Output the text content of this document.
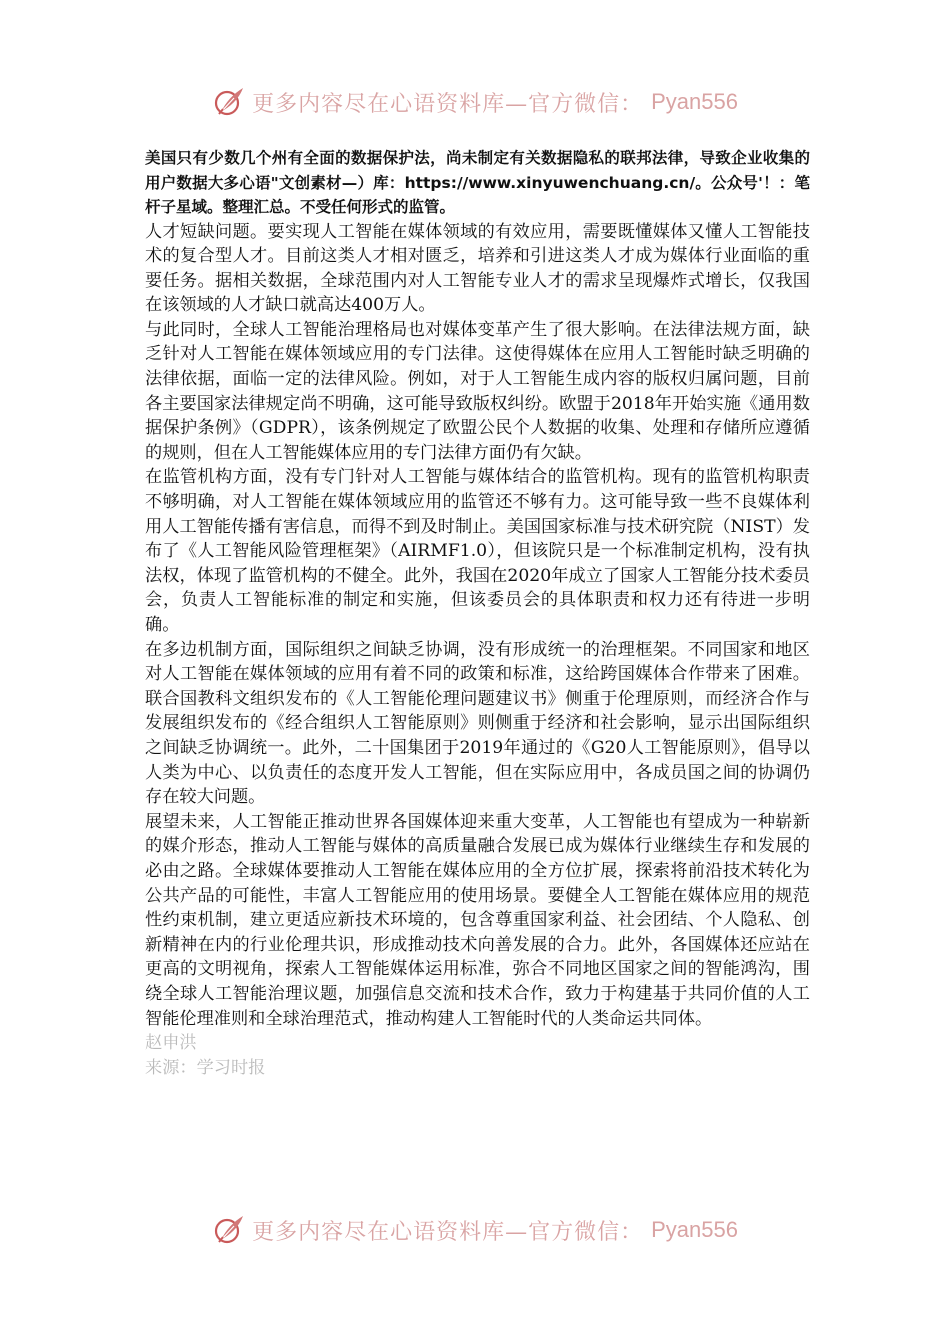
更多内容尽在心语资料库—官方微信： Pyan556

美国只有少数几个州有全面的数据保护法，尚未制定有关数据隐私的联邦法律，导致企业收集的用户数据大多心语"文创素材—）库：https://www.xinyuwenchuang.cn/。公众号'！：笔杆子星域。整理汇总。不受任何形式的监管。

人才短缺问题。要实现人工智能在媒体领域的有效应用，需要既懂媒体又懂人工智能技术的复合型人才。目前这类人才相对匮乏，培养和引进这类人才成为媒体行业面临的重要任务。据相关数据，全球范围内对人工智能专业人才的需求呈现爆炸式增长，仅我国在该领域的人才缺口就高达400万人。

与此同时，全球人工智能治理格局也对媒体变革产生了很大影响。在法律法规方面，缺乏针对人工智能在媒体领域应用的专门法律。这使得媒体在应用人工智能时缺乏明确的法律依据，面临一定的法律风险。例如，对于人工智能生成内容的版权归属问题，目前各主要国家法律规定尚不明确，这可能导致版权纠纷。欧盟于2018年开始实施《通用数据保护条例》（GDPR），该条例规定了欧盟公民个人数据的收集、处理和存储所应遵循的规则，但在人工智能媒体应用的专门法律方面仍有欠缺。

在监管机构方面，没有专门针对人工智能与媒体结合的监管机构。现有的监管机构职责不够明确，对人工智能在媒体领域应用的监管还不够有力。这可能导致一些不良媒体利用人工智能传播有害信息，而得不到及时制止。美国国家标准与技术研究院（NIST）发布了《人工智能风险管理框架》（AIRMF1.0），但该院只是一个标准制定机构，没有执法权，体现了监管机构的不健全。此外，我国在2020年成立了国家人工智能分技术委员会，负责人工智能标准的制定和实施，但该委员会的具体职责和权力还有待进一步明确。

在多边机制方面，国际组织之间缺乏协调，没有形成统一的治理框架。不同国家和地区对人工智能在媒体领域的应用有着不同的政策和标准，这给跨国媒体合作带来了困难。联合国教科文组织发布的《人工智能伦理问题建议书》侧重于伦理原则，而经济合作与发展组织发布的《经合组织人工智能原则》则侧重于经济和社会影响，显示出国际组织之间缺乏协调统一。此外，二十国集团于2019年通过的《G20人工智能原则》，倡导以人类为中心、以负责任的态度开发人工智能，但在实际应用中，各成员国之间的协调仍存在较大问题。

展望未来，人工智能正推动世界各国媒体迎来重大变革，人工智能也有望成为一种崭新的媒介形态，推动人工智能与媒体的高质量融合发展已成为媒体行业继续生存和发展的必由之路。全球媒体要推动人工智能在媒体应用的全方位扩展，探索将前沿技术转化为公共产品的可能性，丰富人工智能应用的使用场景。要健全人工智能在媒体应用的规范性约束机制，建立更适应新技术环境的，包含尊重国家利益、社会团结、个人隐私、创新精神在内的行业伦理共识，形成推动技术向善发展的合力。此外，各国媒体还应站在更高的文明视角，探索人工智能媒体运用标准，弥合不同地区国家之间的智能鸿沟，围绕全球人工智能治理议题，加强信息交流和技术合作，致力于构建基于共同价值的人工智能伦理准则和全球治理范式，推动构建人工智能时代的人类命运共同体。

赵申洪

来源：学习时报

更多内容尽在心语资料库—官方微信： Pyan556
